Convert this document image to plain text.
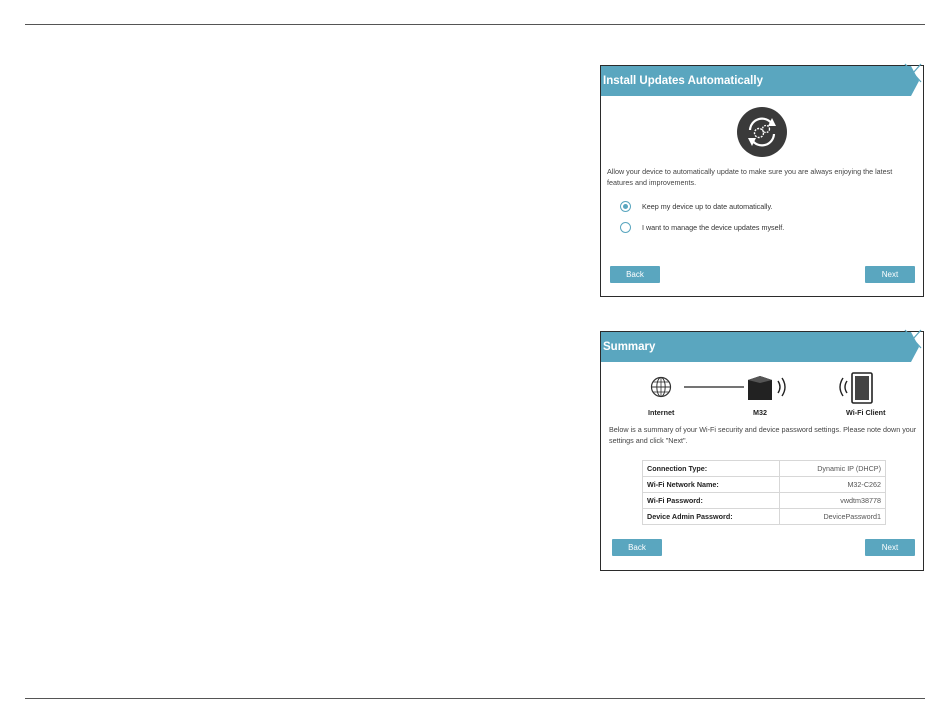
Install Updates Automatically
Allow your device to automatically update to make sure you are always enjoying the latest features and improvements.
Keep my device up to date automatically.
I want to manage the device updates myself.
Back	Next
Summary
Internet	M32	Wi-Fi Client
Below is a summary of your Wi-Fi security and device password settings. Please note down your settings and click "Next".
Connection Type:	Dynamic IP (DHCP)
Wi-Fi Network Name:	M32-C262
Wi-Fi Password:	vwdtm38778
Device Admin Password:	DevicePassword1
Back	Next
